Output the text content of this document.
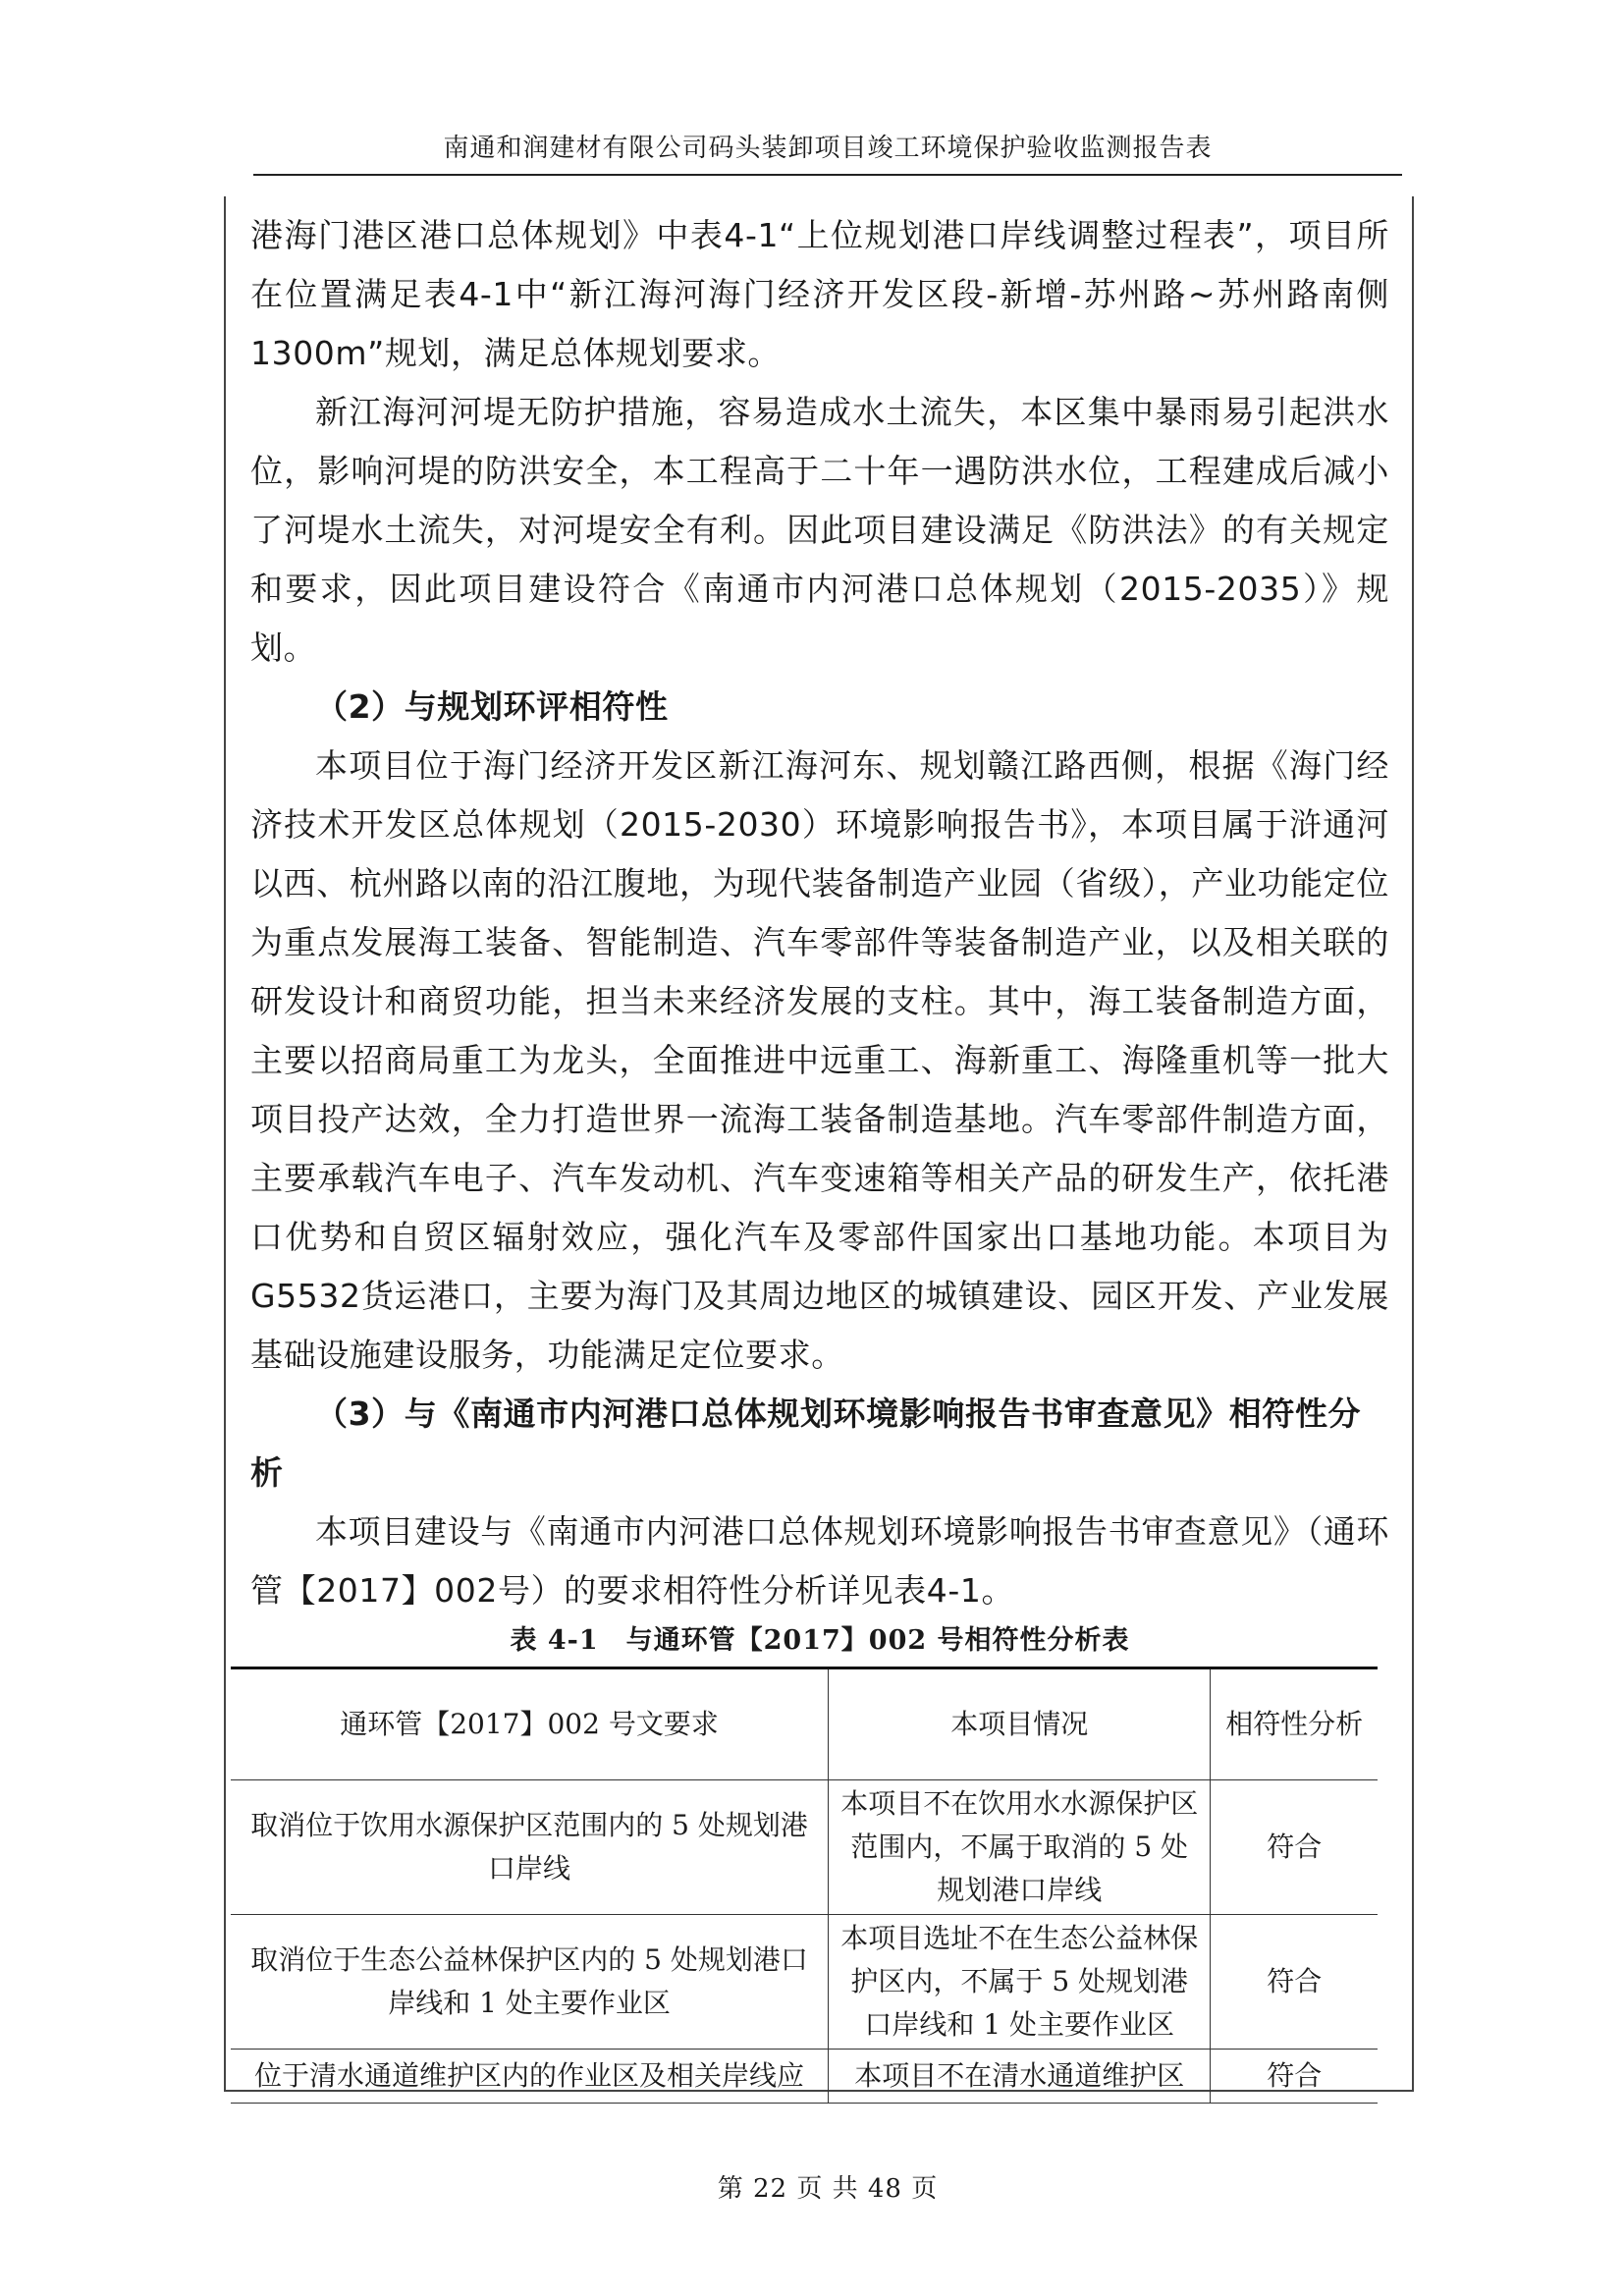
南通和润建材有限公司码头装卸项目竣工环境保护验收监测报告表

港海门港区港口总体规划》中表4-1“上位规划港口岸线调整过程表”，项目所在位置满足表4-1中“新江海河海门经济开发区段-新增-苏州路~苏州路南侧1300m”规划，满足总体规划要求。

新江海河河堤无防护措施，容易造成水土流失，本区集中暴雨易引起洪水位，影响河堤的防洪安全，本工程高于二十年一遇防洪水位，工程建成后减小了河堤水土流失，对河堤安全有利。因此项目建设满足《防洪法》的有关规定和要求，因此项目建设符合《南通市内河港口总体规划（2015-2035）》规划。

（2）与规划环评相符性

本项目位于海门经济开发区新江海河东、规划赣江路西侧，根据《海门经济技术开发区总体规划（2015-2030）环境影响报告书》，本项目属于浒通河以西、杭州路以南的沿江腹地，为现代装备制造产业园（省级），产业功能定位为重点发展海工装备、智能制造、汽车零部件等装备制造产业，以及相关联的研发设计和商贸功能，担当未来经济发展的支柱。其中，海工装备制造方面，主要以招商局重工为龙头，全面推进中远重工、海新重工、海隆重机等一批大项目投产达效，全力打造世界一流海工装备制造基地。汽车零部件制造方面，主要承载汽车电子、汽车发动机、汽车变速箱等相关产品的研发生产，依托港口优势和自贸区辐射效应，强化汽车及零部件国家出口基地功能。本项目为G5532货运港口，主要为海门及其周边地区的城镇建设、园区开发、产业发展基础设施建设服务，功能满足定位要求。

（3）与《南通市内河港口总体规划环境影响报告书审查意见》相符性分析

本项目建设与《南通市内河港口总体规划环境影响报告书审查意见》（通环管【2017】002号）的要求相符性分析详见表4-1。

表 4-1　与通环管【2017】002 号相符性分析表
通环管【2017】002 号文要求	本项目情况	相符性分析
取消位于饮用水源保护区范围内的 5 处规划港口岸线	本项目不在饮用水水源保护区范围内，不属于取消的 5 处规划港口岸线	符合
取消位于生态公益林保护区内的 5 处规划港口岸线和 1 处主要作业区	本项目选址不在生态公益林保护区内，不属于 5 处规划港口岸线和 1 处主要作业区	符合
位于清水通道维护区内的作业区及相关岸线应	本项目不在清水通道维护区	符合
第 22 页 共 48 页
